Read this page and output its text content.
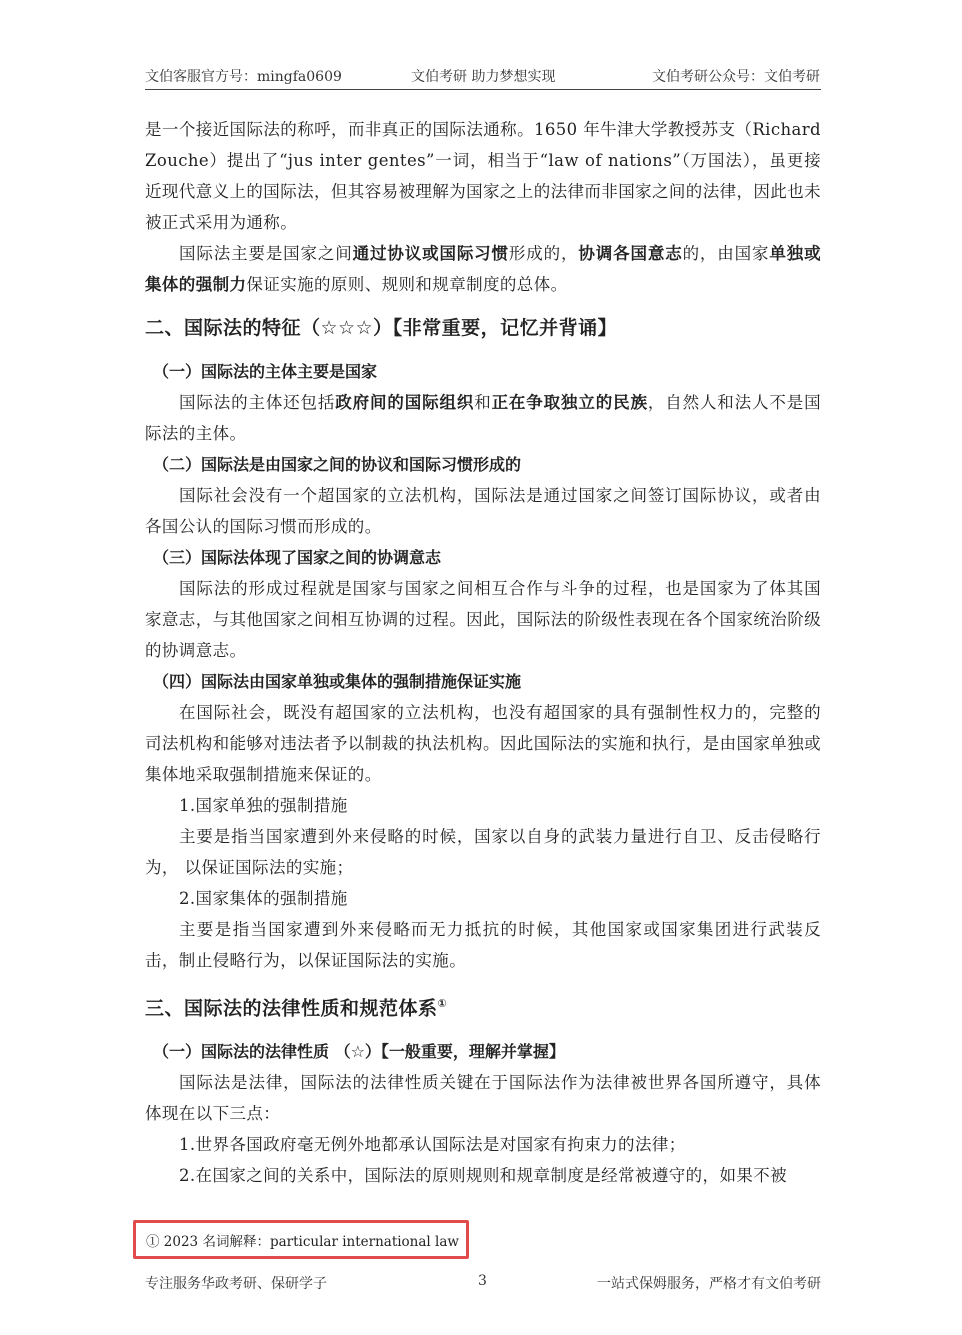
文伯客服官方号：mingfa0609	文伯考研 助力梦想实现	文伯考研公众号：文伯考研

是一个接近国际法的称呼，而非真正的国际法通称。1650 年牛津大学教授苏支（Richard Zouche）提出了“jus inter gentes”一词，相当于“law of nations”（万国法），虽更接近现代意义上的国际法，但其容易被理解为国家之上的法律而非国家之间的法律，因此也未被正式采用为通称。

国际法主要是国家之间通过协议或国际习惯形成的，协调各国意志的，由国家单独或集体的强制力保证实施的原则、规则和规章制度的总体。

二、国际法的特征（☆☆☆）【非常重要，记忆并背诵】
（一）国际法的主体主要是国家

国际法的主体还包括政府间的国际组织和正在争取独立的民族，自然人和法人不是国际法的主体。

（二）国际法是由国家之间的协议和国际习惯形成的

国际社会没有一个超国家的立法机构，国际法是通过国家之间签订国际协议，或者由各国公认的国际习惯而形成的。

（三）国际法体现了国家之间的协调意志

国际法的形成过程就是国家与国家之间相互合作与斗争的过程，也是国家为了体其国家意志，与其他国家之间相互协调的过程。因此，国际法的阶级性表现在各个国家统治阶级的协调意志。

（四）国际法由国家单独或集体的强制措施保证实施

在国际社会，既没有超国家的立法机构，也没有超国家的具有强制性权力的，完整的司法机构和能够对违法者予以制裁的执法机构。因此国际法的实施和执行，是由国家单独或集体地采取强制措施来保证的。

1.国家单独的强制措施

主要是指当国家遭到外来侵略的时候，国家以自身的武装力量进行自卫、反击侵略行为， 以保证国际法的实施；

2.国家集体的强制措施

主要是指当国家遭到外来侵略而无力抵抗的时候，其他国家或国家集团进行武装反击，制止侵略行为，以保证国际法的实施。

三、国际法的法律性质和规范体系①
（一）国际法的法律性质 （☆）【一般重要，理解并掌握】

国际法是法律，国际法的法律性质关键在于国际法作为法律被世界各国所遵守，具体体现在以下三点：

1.世界各国政府毫无例外地都承认国际法是对国家有拘束力的法律；

2.在国家之间的关系中，国际法的原则规则和规章制度是经常被遵守的，如果不被

① 2023 名词解释：particular international law
专注服务华政考研、保研学子	3	一站式保姆服务，严格才有文伯考研
